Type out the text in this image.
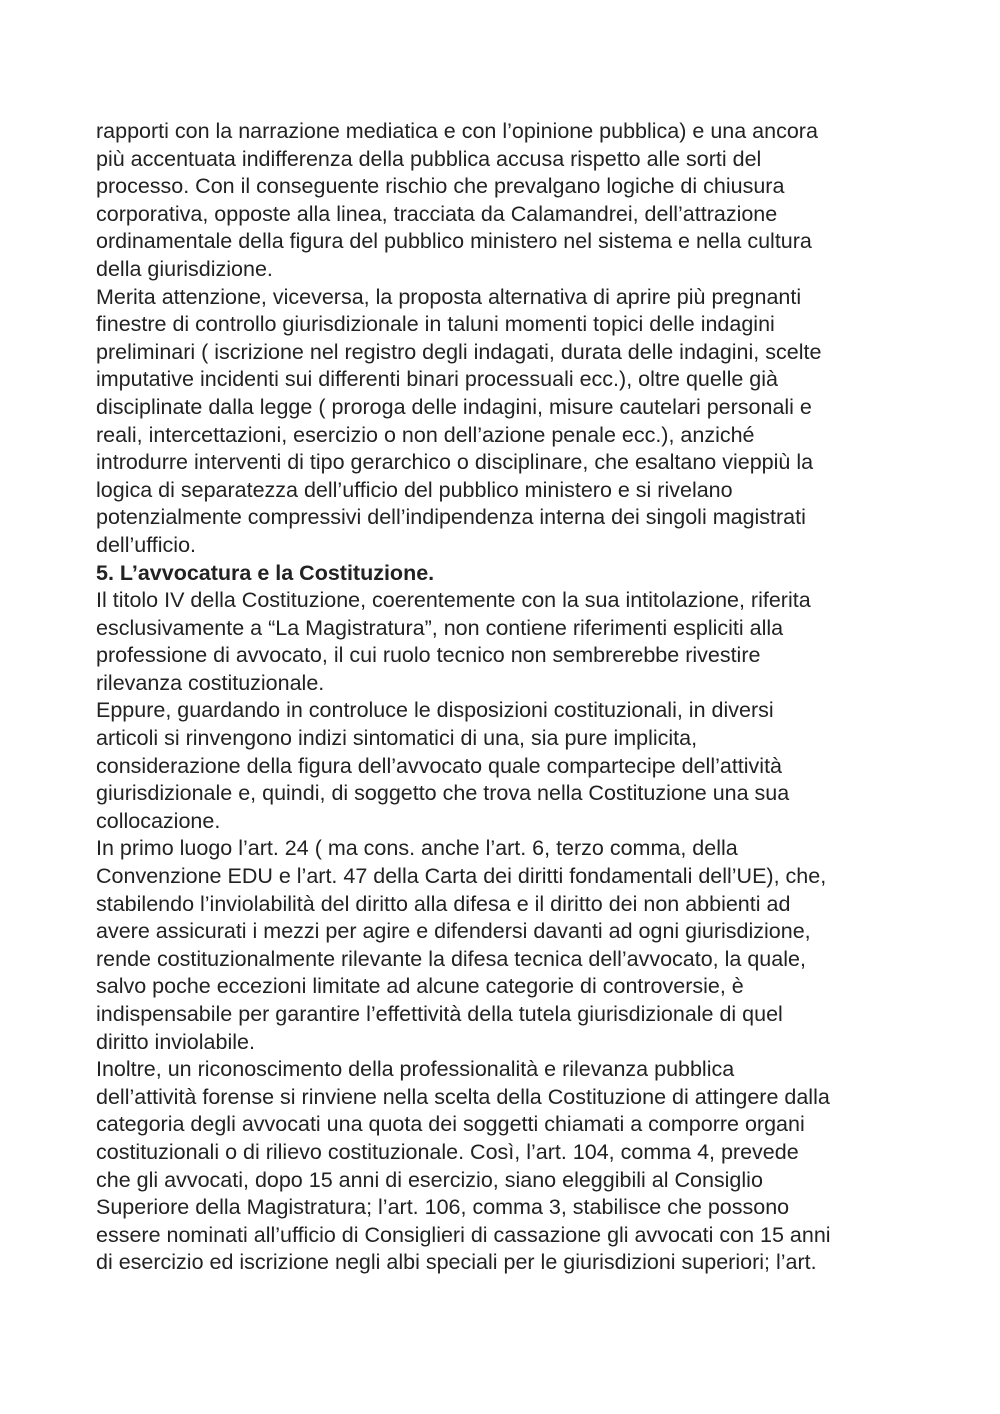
rapporti con la narrazione mediatica e con l’opinione pubblica) e una ancora
più accentuata indifferenza della pubblica accusa rispetto alle sorti del
processo. Con il conseguente rischio che prevalgano logiche di chiusura
corporativa, opposte alla linea, tracciata da Calamandrei, dell’attrazione
ordinamentale della figura del pubblico ministero nel sistema e nella cultura
della giurisdizione.
Merita attenzione, viceversa, la proposta alternativa di aprire più pregnanti
finestre di controllo giurisdizionale in taluni momenti topici delle indagini
preliminari ( iscrizione nel registro degli indagati, durata delle indagini, scelte
imputative incidenti sui differenti binari processuali ecc.), oltre quelle già
disciplinate dalla legge ( proroga delle indagini, misure cautelari personali e
reali, intercettazioni, esercizio o non dell’azione penale ecc.), anziché
introdurre interventi di tipo gerarchico o disciplinare, che esaltano vieppiù la
logica di separatezza dell’ufficio del pubblico ministero e si rivelano
potenzialmente compressivi dell’indipendenza interna dei singoli magistrati
dell’ufficio.
5. L’avvocatura e la Costituzione.
Il titolo IV della Costituzione, coerentemente con la sua intitolazione, riferita
esclusivamente a “La Magistratura”, non contiene riferimenti espliciti alla
professione di avvocato, il cui ruolo tecnico non sembrerebbe rivestire
rilevanza costituzionale.
Eppure, guardando in controluce le disposizioni costituzionali, in diversi
articoli si rinvengono indizi sintomatici di una, sia pure implicita,
considerazione della figura dell’avvocato quale compartecipe dell’attività
giurisdizionale e, quindi, di soggetto che trova nella Costituzione una sua
collocazione.
In primo luogo l’art. 24 ( ma cons. anche l’art. 6, terzo comma, della
Convenzione EDU e l’art. 47 della Carta dei diritti fondamentali dell’UE), che,
stabilendo l’inviolabilità del diritto alla difesa e il diritto dei non abbienti ad
avere assicurati i mezzi per agire e difendersi davanti ad ogni giurisdizione,
rende costituzionalmente rilevante la difesa tecnica dell’avvocato, la quale,
salvo poche eccezioni limitate ad alcune categorie di controversie, è
indispensabile per garantire l’effettività della tutela giurisdizionale di quel
diritto inviolabile.
Inoltre, un riconoscimento della professionalità e rilevanza pubblica
dell’attività forense si rinviene nella scelta della Costituzione di attingere dalla
categoria degli avvocati una quota dei soggetti chiamati a comporre organi
costituzionali o di rilievo costituzionale. Così, l’art. 104, comma 4, prevede
che gli avvocati, dopo 15 anni di esercizio, siano eleggibili al Consiglio
Superiore della Magistratura; l’art. 106, comma 3, stabilisce che possono
essere nominati all’ufficio di Consiglieri di cassazione gli avvocati con 15 anni
di esercizio ed iscrizione negli albi speciali per le giurisdizioni superiori; l’art.
